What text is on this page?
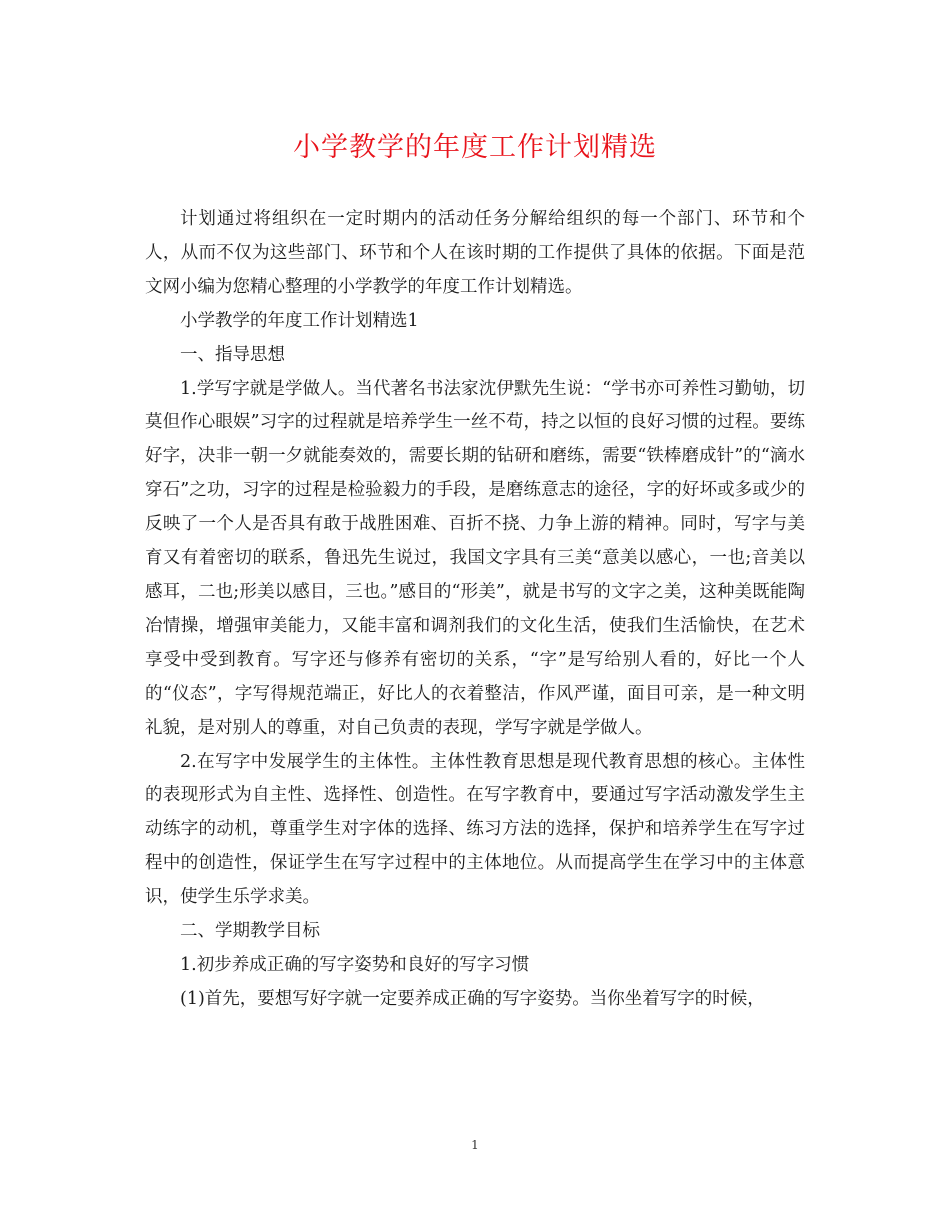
小学教学的年度工作计划精选

计划通过将组织在一定时期内的活动任务分解给组织的每一个部门、环节和个人，从而不仅为这些部门、环节和个人在该时期的工作提供了具体的依据。下面是范文网小编为您精心整理的小学教学的年度工作计划精选。

小学教学的年度工作计划精选1

一、指导思想

1.学写字就是学做人。当代著名书法家沈伊默先生说：“学书亦可养性习勤劬，切莫但作心眼娱”习字的过程就是培养学生一丝不苟，持之以恒的良好习惯的过程。要练好字，决非一朝一夕就能奏效的，需要长期的钻研和磨练，需要“铁棒磨成针”的“滴水穿石”之功，习字的过程是检验毅力的手段，是磨练意志的途径，字的好坏或多或少的反映了一个人是否具有敢于战胜困难、百折不挠、力争上游的精神。同时，写字与美育又有着密切的联系，鲁迅先生说过，我国文字具有三美“意美以感心，一也;音美以感耳，二也;形美以感目，三也。”感目的“形美”，就是书写的文字之美，这种美既能陶冶情操，增强审美能力，又能丰富和调剂我们的文化生活，使我们生活愉快，在艺术享受中受到教育。写字还与修养有密切的关系，“字”是写给别人看的，好比一个人的“仪态”，字写得规范端正，好比人的衣着整洁，作风严谨，面目可亲，是一种文明礼貌，是对别人的尊重，对自己负责的表现，学写字就是学做人。

2.在写字中发展学生的主体性。主体性教育思想是现代教育思想的核心。主体性的表现形式为自主性、选择性、创造性。在写字教育中，要通过写字活动激发学生主动练字的动机，尊重学生对字体的选择、练习方法的选择，保护和培养学生在写字过程中的创造性，保证学生在写字过程中的主体地位。从而提高学生在学习中的主体意识，使学生乐学求美。

二、学期教学目标

1.初步养成正确的写字姿势和良好的写字习惯

(1)首先，要想写好字就一定要养成正确的写字姿势。当你坐着写字的时候，

1
